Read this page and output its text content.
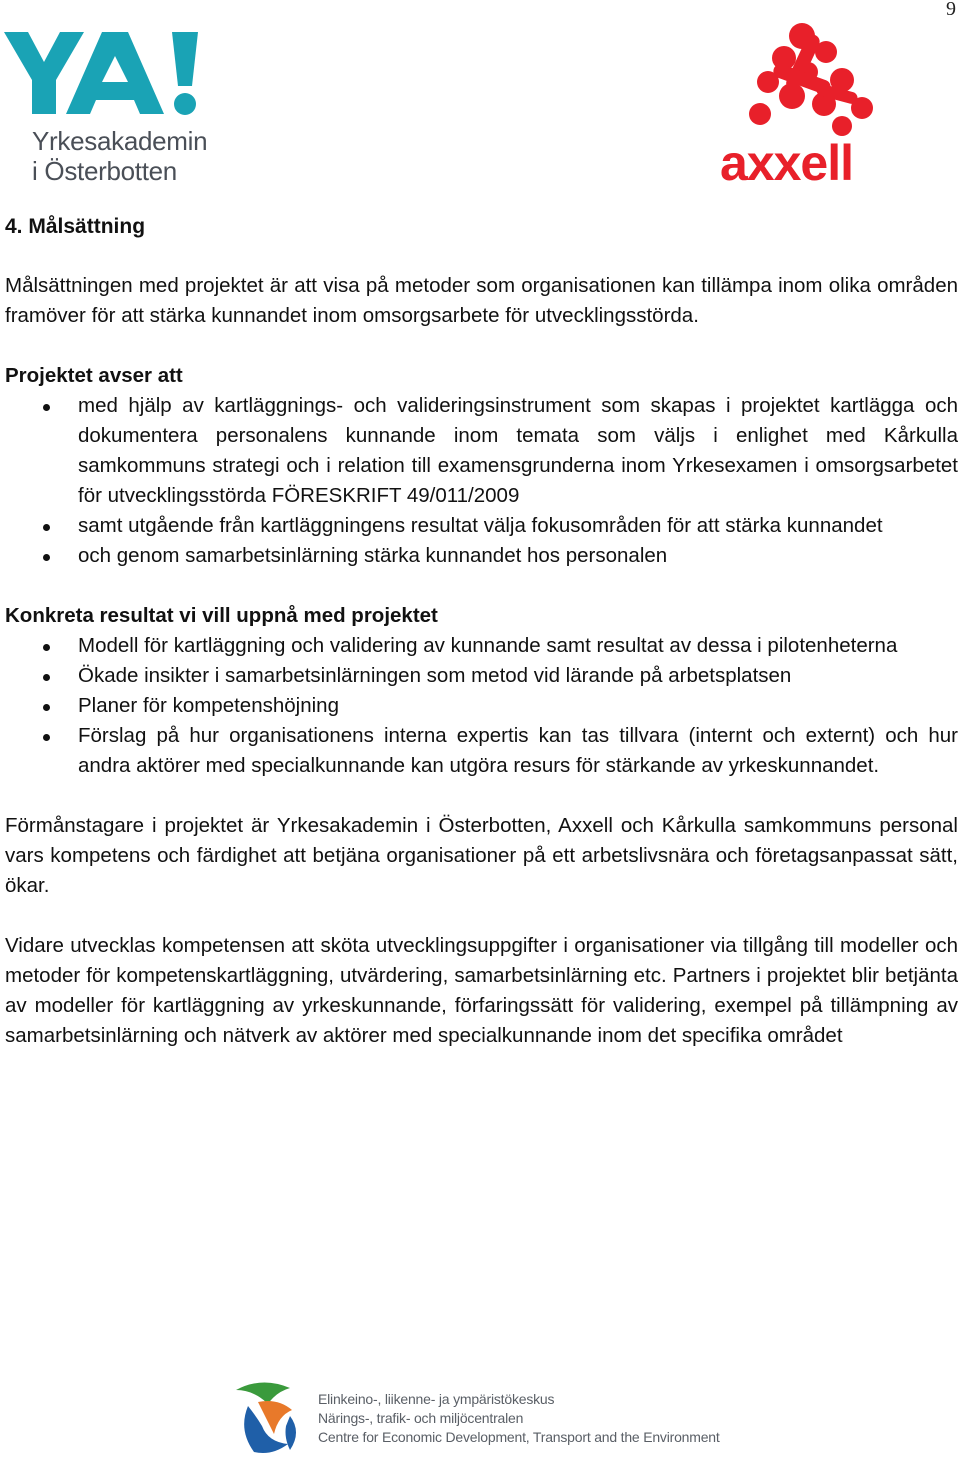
9
Yrkesakademin
i Österbotten	axxell
4. Målsättning

Målsättningen med projektet är att visa på metoder som organisationen kan tillämpa inom olika områden framöver för att stärka kunnandet inom omsorgsarbete för utvecklingsstörda.

Projektet avser att

med hjälp av kartläggnings- och valideringsinstrument som skapas i projektet kartlägga och dokumentera personalens kunnande inom temata som väljs i enlighet med Kårkulla samkommuns strategi och i relation till examensgrunderna inom Yrkesexamen i omsorgsarbetet för utvecklingsstörda FÖRESKRIFT 49/011/2009
samt utgående från kartläggningens resultat välja fokusområden för att stärka kunnandet
och genom samarbetsinlärning stärka kunnandet hos personalen

Konkreta resultat vi vill uppnå med projektet

Modell för kartläggning och validering av kunnande samt resultat av dessa i pilotenheterna
Ökade insikter i samarbetsinlärningen som metod vid lärande på arbetsplatsen
Planer för kompetenshöjning
Förslag på hur organisationens interna expertis kan tas tillvara (internt och externt) och hur andra aktörer med specialkunnande kan utgöra resurs för stärkande av yrkeskunnandet.

Förmånstagare i projektet är Yrkesakademin i Österbotten, Axxell och Kårkulla samkommuns personal vars kompetens och färdighet att betjäna organisationer på ett arbetslivsnära och företagsanpassat sätt, ökar.

Vidare utvecklas kompetensen att sköta utvecklingsuppgifter i organisationer via tillgång till modeller och metoder för kompetenskartläggning, utvärdering, samarbetsinlärning etc. Partners i projektet blir betjänta av modeller för kartläggning av yrkeskunnande, förfaringssätt för validering, exempel på tillämpning av samarbetsinlärning och nätverk av aktörer med specialkunnande inom det specifika området

Elinkeino-, liikenne- ja ympäristökeskus
Närings-, trafik- och miljöcentralen
Centre for Economic Development, Transport and the Environment
